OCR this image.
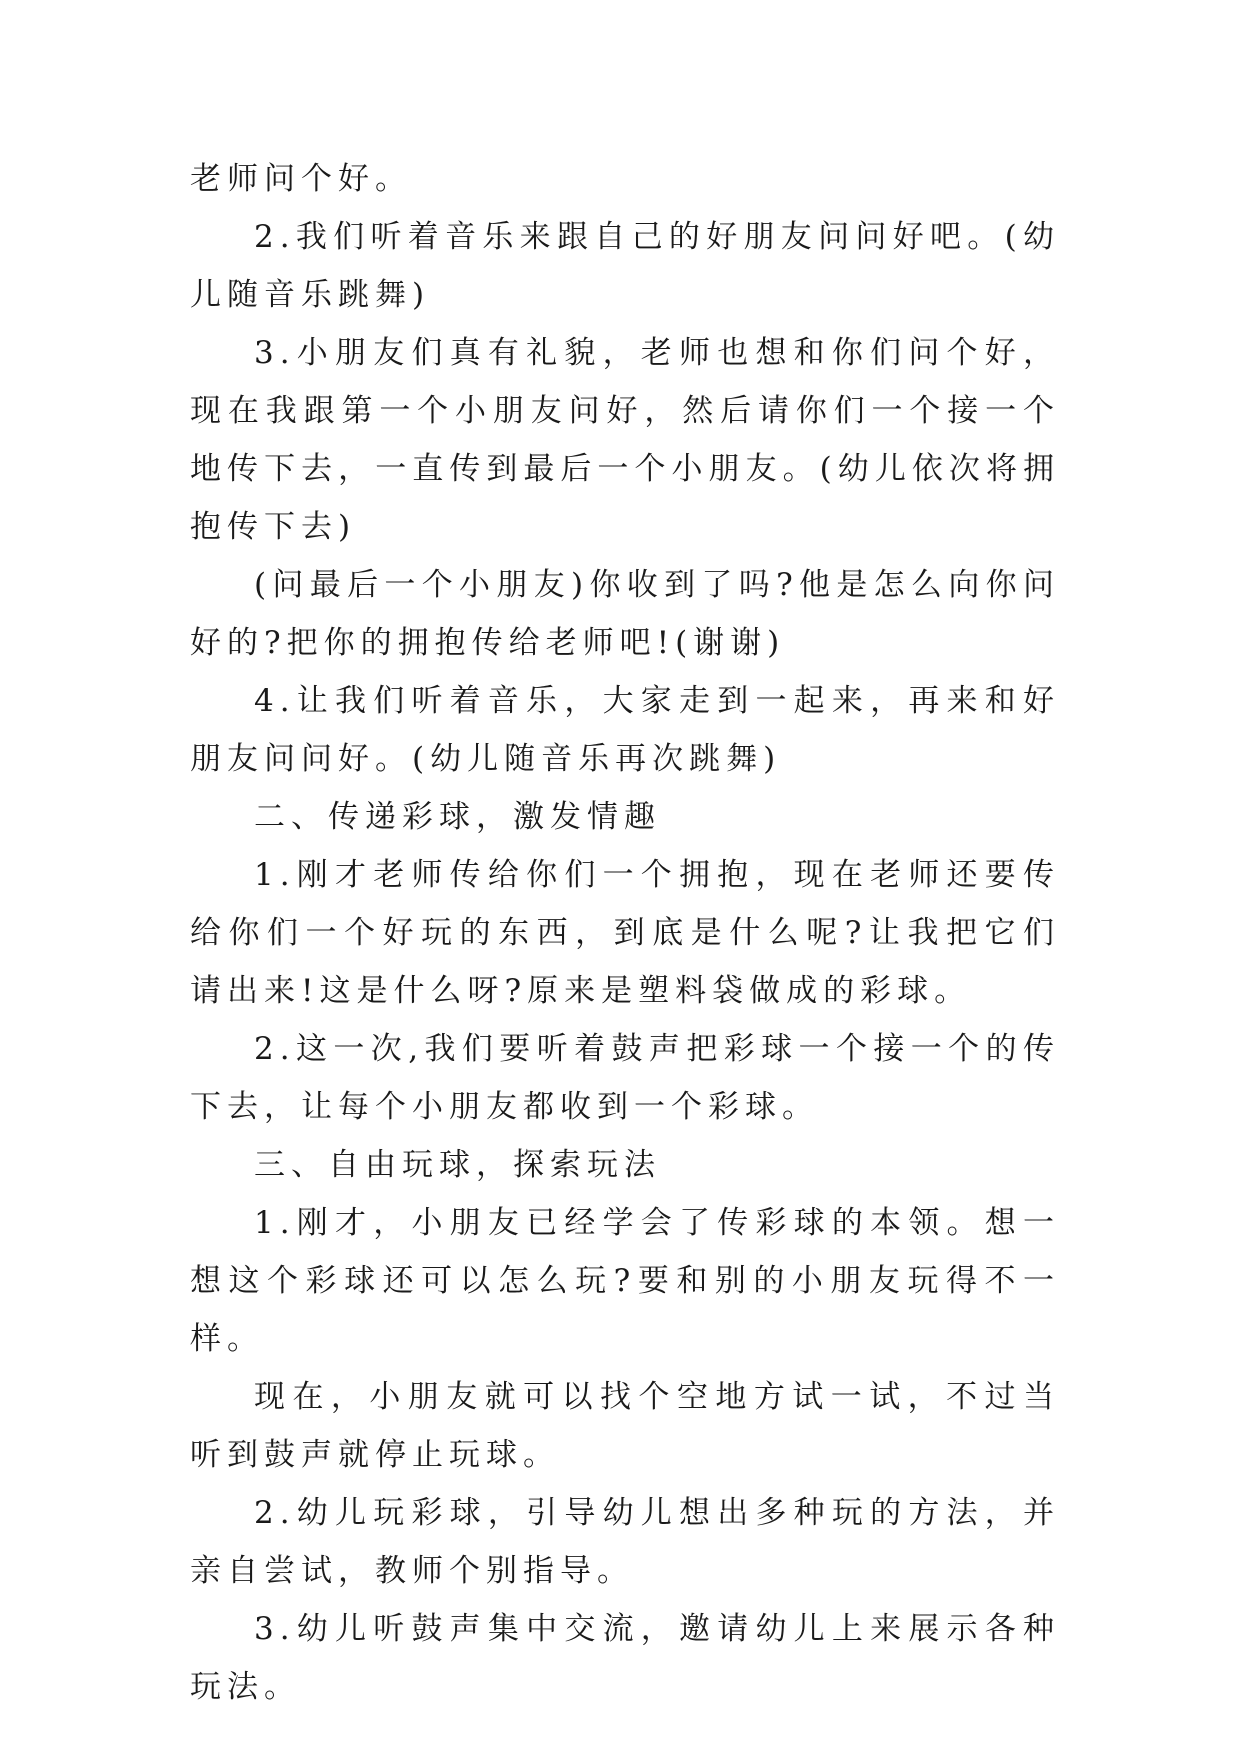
老师问个好。

2.我们听着音乐来跟自己的好朋友问问好吧。(幼儿随音乐跳舞)

3.小朋友们真有礼貌，老师也想和你们问个好，现在我跟第一个小朋友问好，然后请你们一个接一个地传下去，一直传到最后一个小朋友。(幼儿依次将拥抱传下去)

(问最后一个小朋友)你收到了吗?他是怎么向你问好的?把你的拥抱传给老师吧!(谢谢)

4.让我们听着音乐，大家走到一起来，再来和好朋友问问好。(幼儿随音乐再次跳舞)

二、传递彩球，激发情趣

1.刚才老师传给你们一个拥抱，现在老师还要传给你们一个好玩的东西，到底是什么呢?让我把它们请出来!这是什么呀?原来是塑料袋做成的彩球。

2.这一次,我们要听着鼓声把彩球一个接一个的传下去，让每个小朋友都收到一个彩球。

三、自由玩球，探索玩法

1.刚才，小朋友已经学会了传彩球的本领。想一想这个彩球还可以怎么玩?要和别的小朋友玩得不一样。

现在，小朋友就可以找个空地方试一试，不过当听到鼓声就停止玩球。

2.幼儿玩彩球，引导幼儿想出多种玩的方法，并亲自尝试，教师个别指导。

3.幼儿听鼓声集中交流，邀请幼儿上来展示各种玩法。
